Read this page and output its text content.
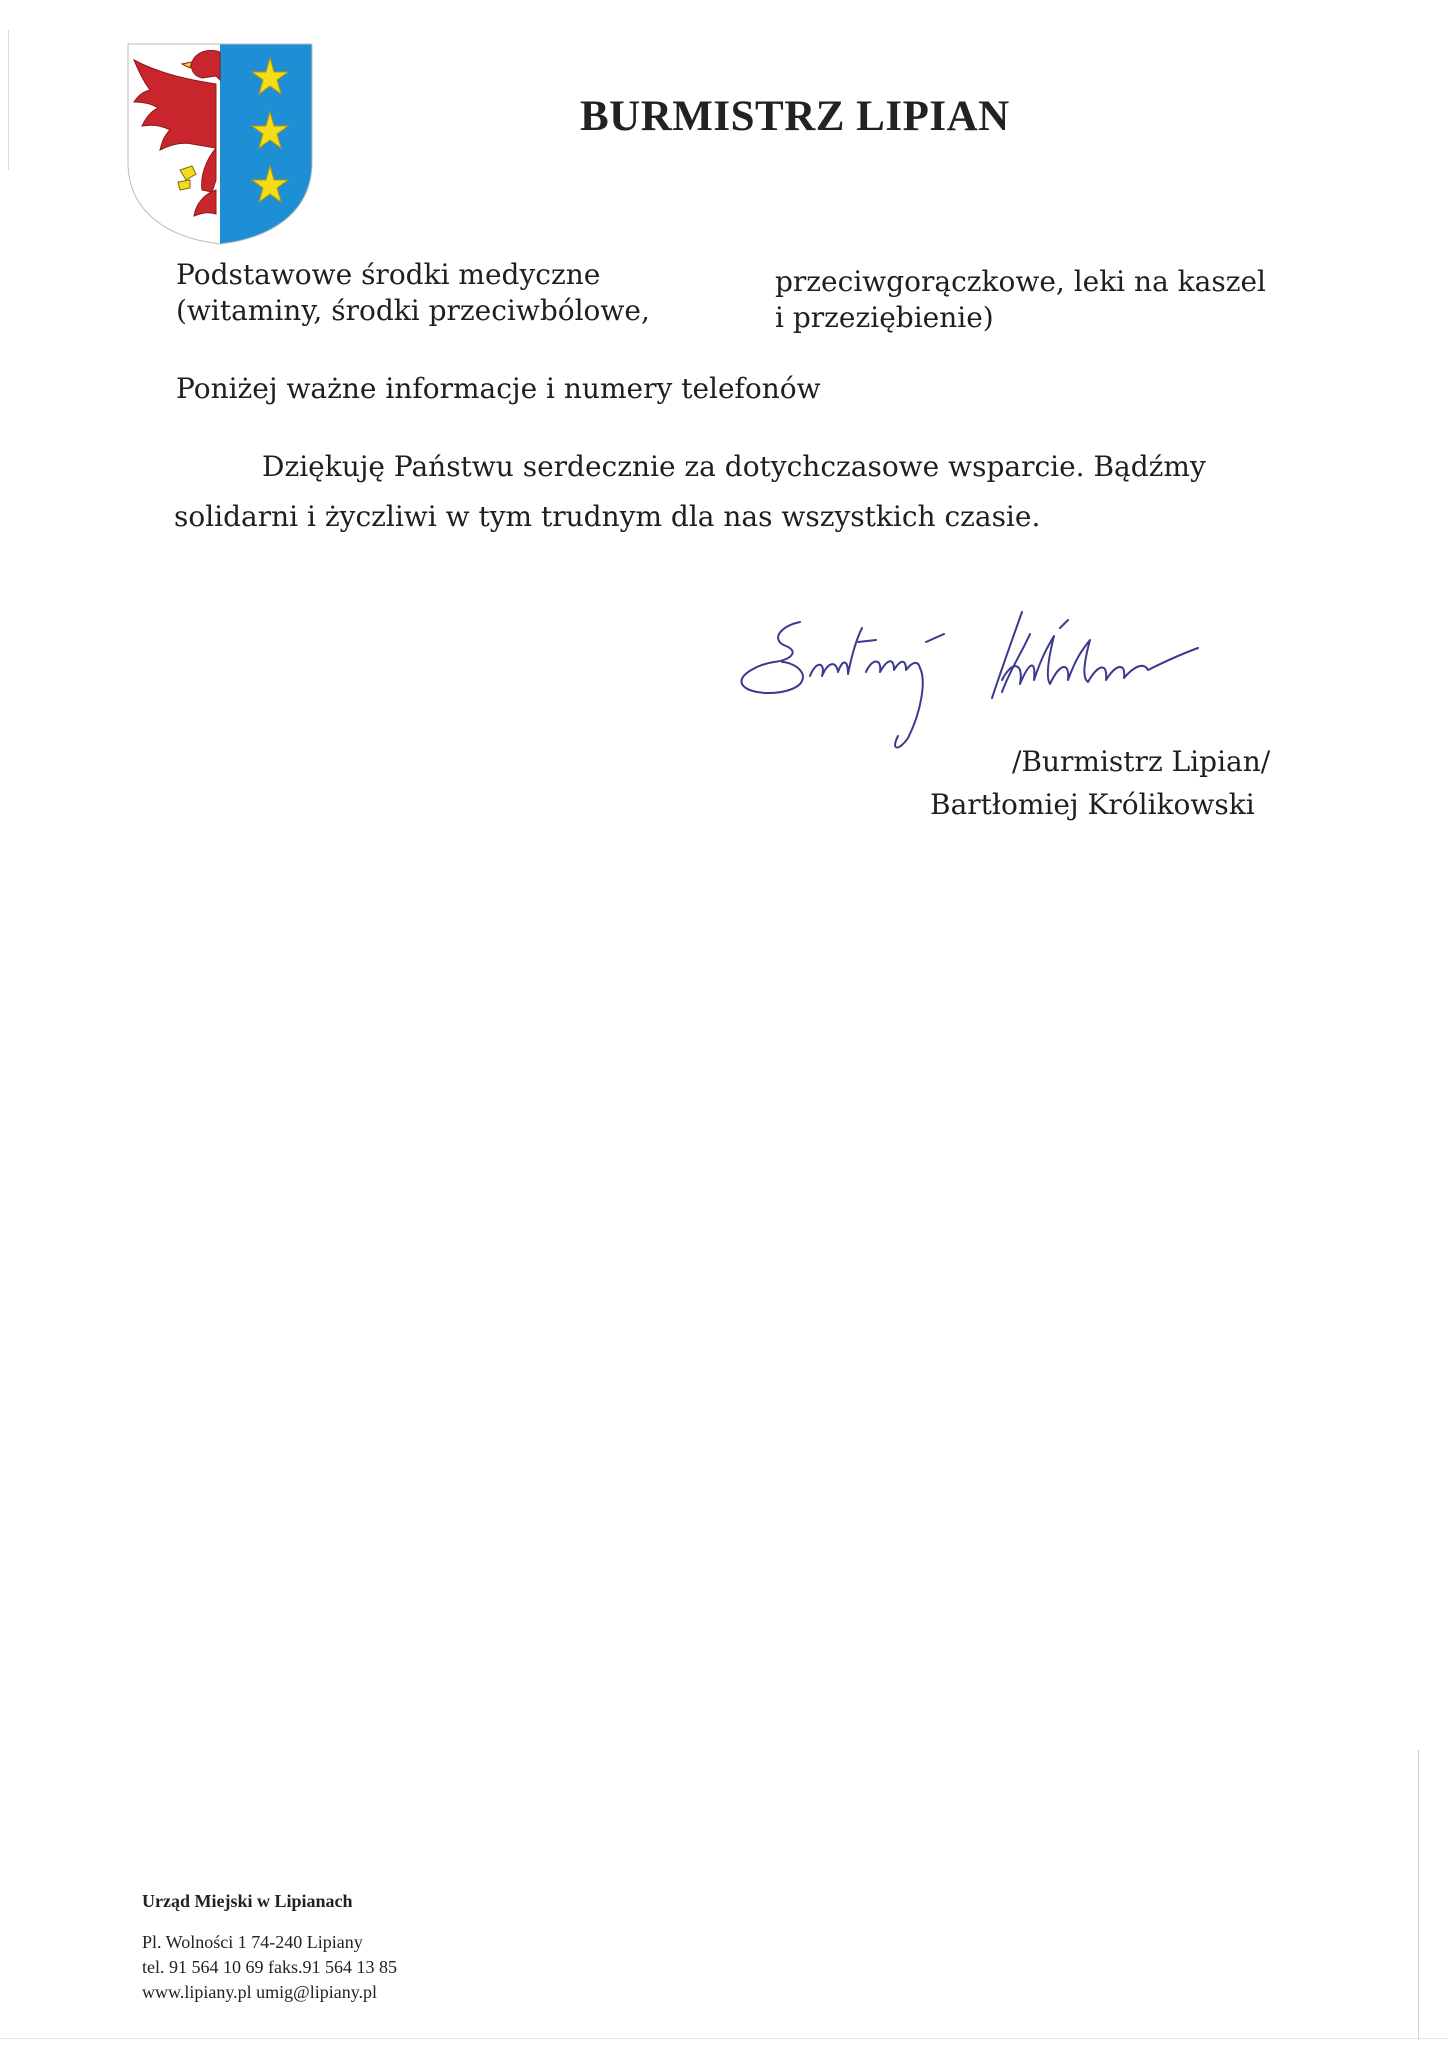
BURMISTRZ LIPIAN
Podstawowe środki medyczne
(witaminy, środki przeciwbólowe,
przeciwgorączkowe, leki na kaszel
i przeziębienie)
Poniżej ważne informacje i numery telefonów
Dziękuję Państwu serdecznie za dotychczasowe wsparcie. Bądźmy
solidarni i życzliwi w tym trudnym dla nas wszystkich czasie.
/Burmistrz Lipian/
Bartłomiej Królikowski
Urząd Miejski w Lipianach
Pl. Wolności 1 74-240 Lipiany
tel. 91 564 10 69 faks.91 564 13 85
www.lipiany.pl umig@lipiany.pl
